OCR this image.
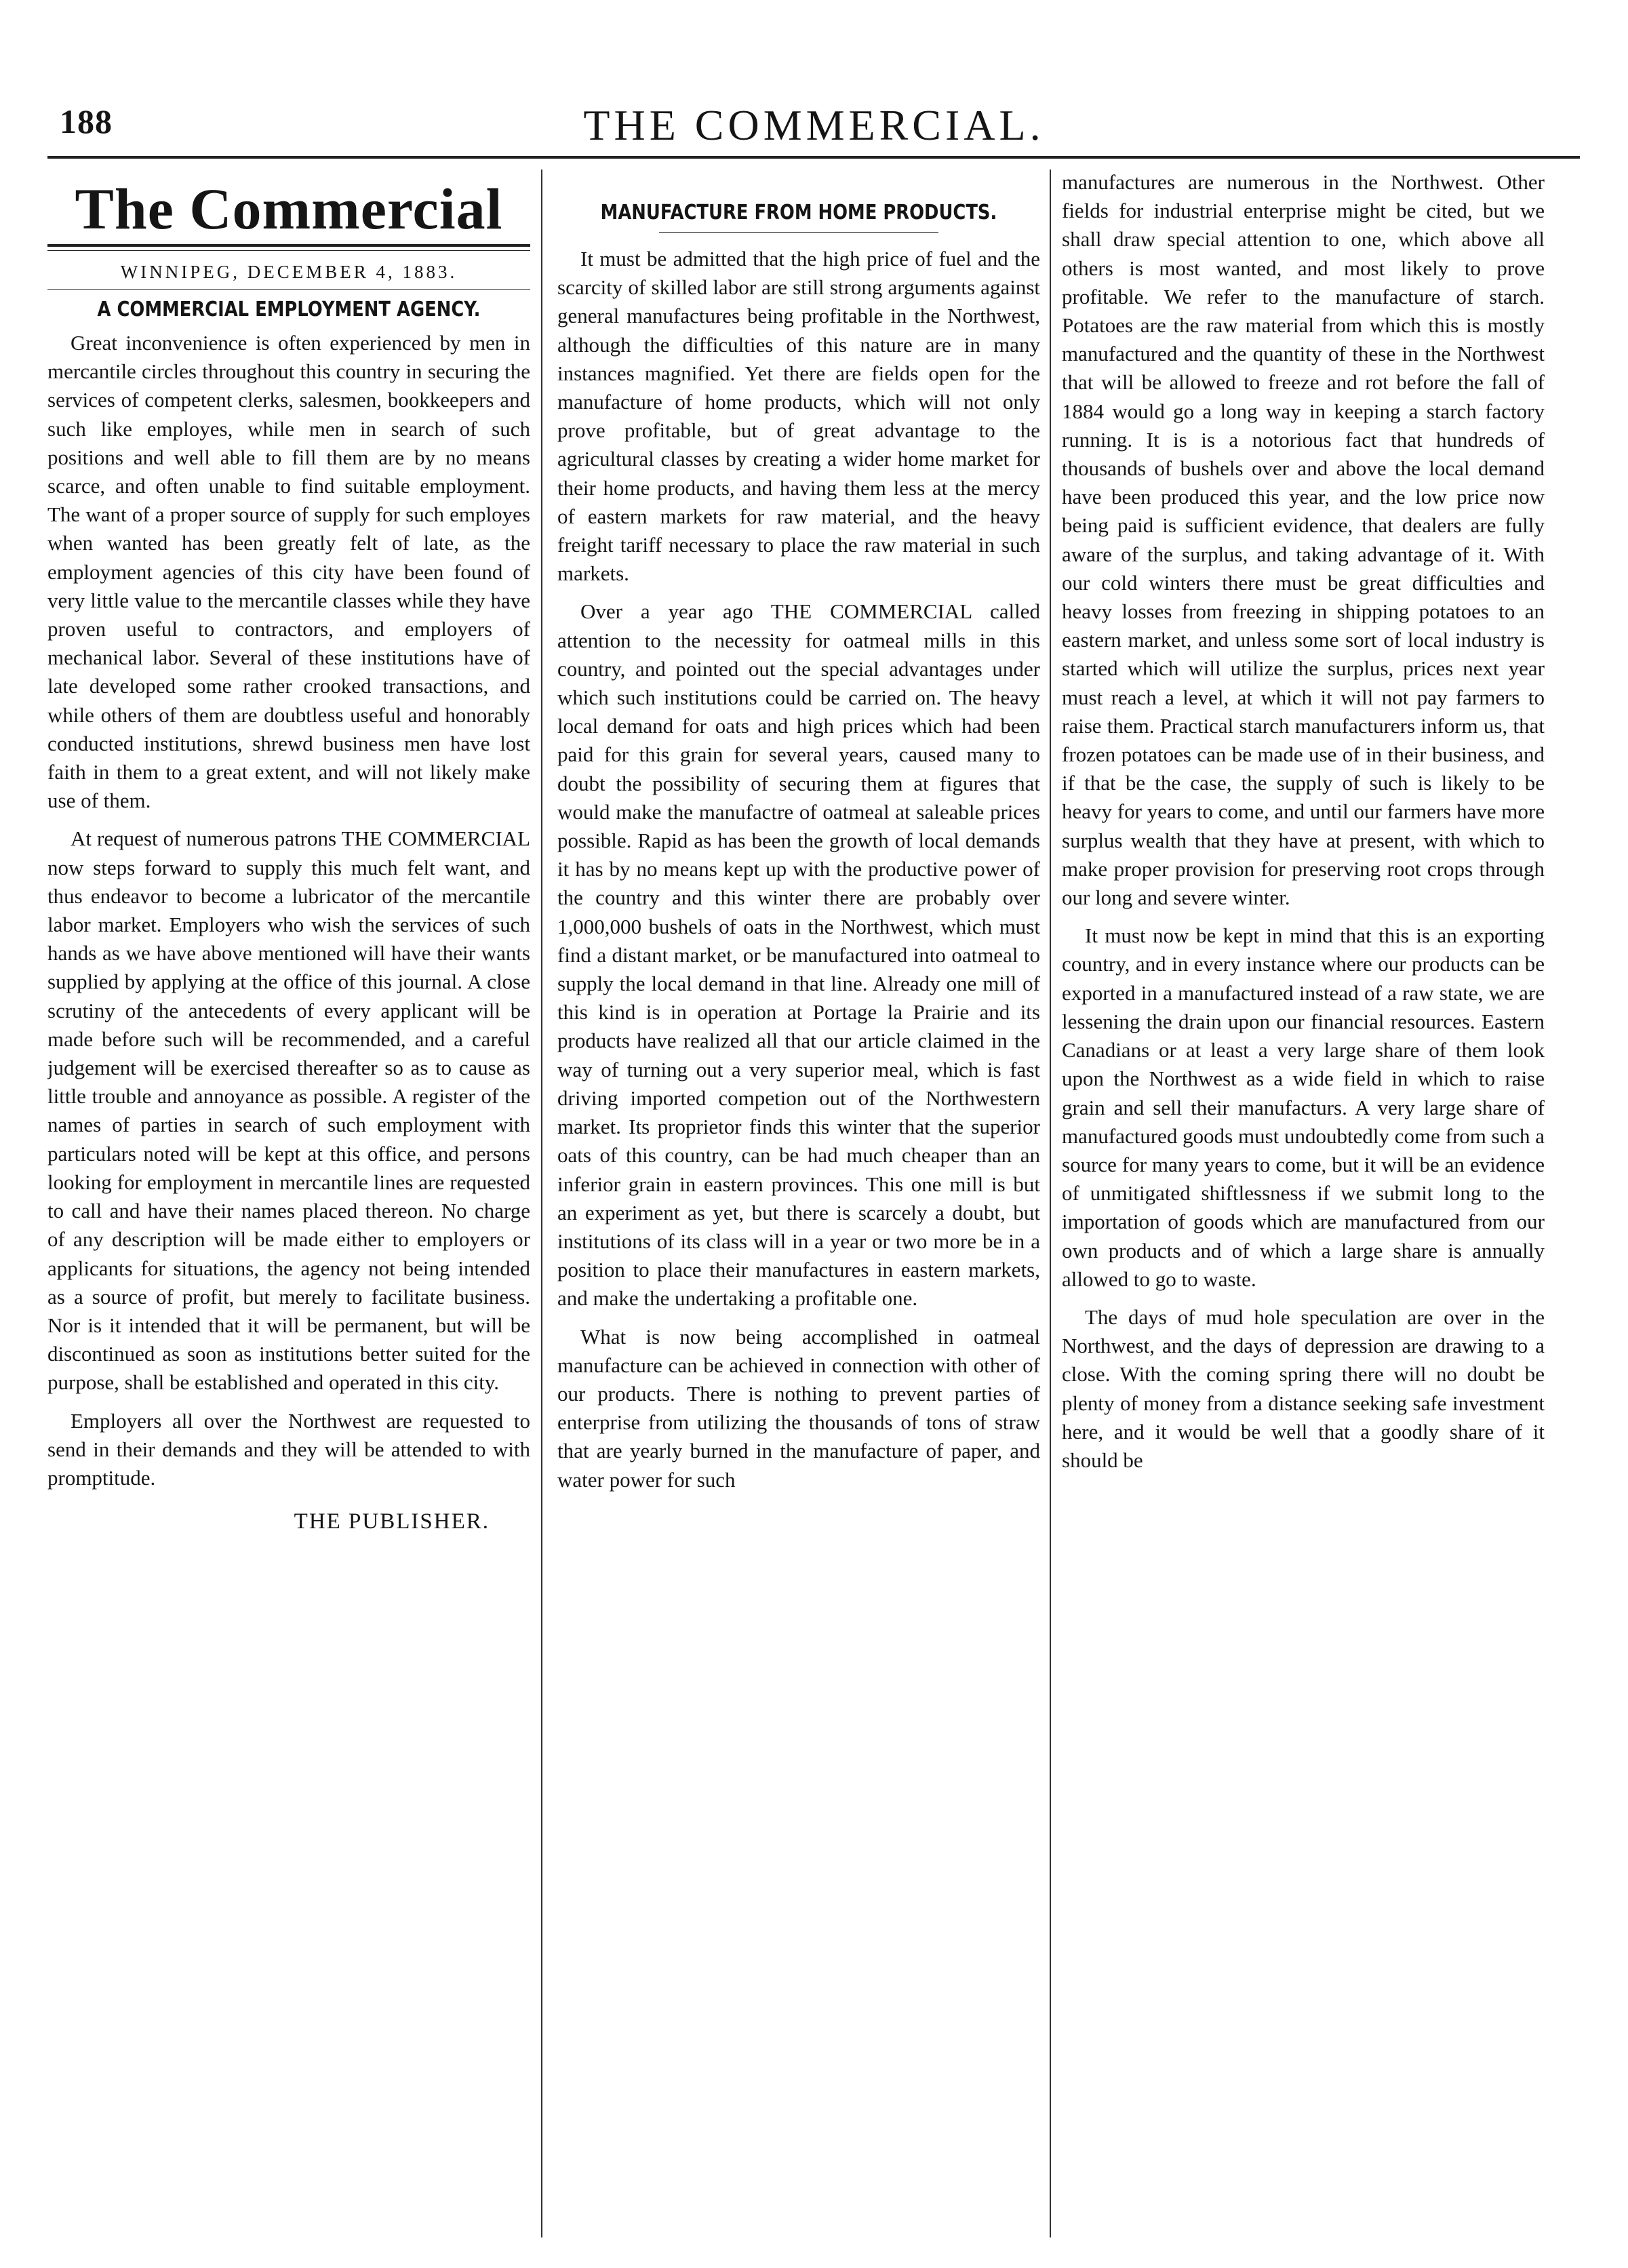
188	THE COMMERCIAL.
The Commercial
WINNIPEG, DECEMBER 4, 1883.
A COMMERCIAL EMPLOYMENT AGENCY.

Great inconvenience is often experienced by men in mercantile circles throughout this country in securing the services of competent clerks, salesmen, bookkeepers and such like employes, while men in search of such positions and well able to fill them are by no means scarce, and often unable to find suitable employment. The want of a proper source of supply for such employes when wanted has been greatly felt of late, as the employment agencies of this city have been found of very little value to the mercantile classes while they have proven useful to contractors, and employers of mechanical labor. Several of these institutions have of late developed some rather crooked transactions, and while others of them are doubtless useful and honorably conducted institutions, shrewd business men have lost faith in them to a great extent, and will not likely make use of them.

At request of numerous patrons THE COMMERCIAL now steps forward to supply this much felt want, and thus endeavor to become a lubricator of the mercantile labor market. Employers who wish the services of such hands as we have above mentioned will have their wants supplied by applying at the office of this journal. A close scrutiny of the antecedents of every applicant will be made before such will be recommended, and a careful judgement will be exercised thereafter so as to cause as little trouble and annoyance as possible. A register of the names of parties in search of such employment with particulars noted will be kept at this office, and persons looking for employment in mercantile lines are requested to call and have their names placed thereon. No charge of any description will be made either to employers or applicants for situations, the agency not being intended as a source of profit, but merely to facilitate business. Nor is it intended that it will be permanent, but will be discontinued as soon as institutions better suited for the purpose, shall be established and operated in this city.

Employers all over the Northwest are requested to send in their demands and they will be attended to with promptitude.

THE PUBLISHER.
MANUFACTURE FROM HOME PRODUCTS.

It must be admitted that the high price of fuel and the scarcity of skilled labor are still strong arguments against general manufactures being profitable in the Northwest, although the difficulties of this nature are in many instances magnified. Yet there are fields open for the manufacture of home products, which will not only prove profitable, but of great advantage to the agricultural classes by creating a wider home market for their home products, and having them less at the mercy of eastern markets for raw material, and the heavy freight tariff necessary to place the raw material in such markets.

Over a year ago THE COMMERCIAL called attention to the necessity for oatmeal mills in this country, and pointed out the special advantages under which such institutions could be carried on. The heavy local demand for oats and high prices which had been paid for this grain for several years, caused many to doubt the possibility of securing them at figures that would make the manufactre of oatmeal at saleable prices possible. Rapid as has been the growth of local demands it has by no means kept up with the productive power of the country and this winter there are probably over 1,000,000 bushels of oats in the Northwest, which must find a distant market, or be manufactured into oatmeal to supply the local demand in that line. Already one mill of this kind is in operation at Portage la Prairie and its products have realized all that our article claimed in the way of turning out a very superior meal, which is fast driving imported competion out of the Northwestern market. Its proprietor finds this winter that the superior oats of this country, can be had much cheaper than an inferior grain in eastern provinces. This one mill is but an experiment as yet, but there is scarcely a doubt, but institutions of its class will in a year or two more be in a position to place their manufactures in eastern markets, and make the undertaking a profitable one.

What is now being accomplished in oatmeal manufacture can be achieved in connection with other of our products. There is nothing to prevent parties of enterprise from utilizing the thousands of tons of straw that are yearly burned in the manufacture of paper, and water power for such

manufactures are numerous in the Northwest. Other fields for industrial enterprise might be cited, but we shall draw special attention to one, which above all others is most wanted, and most likely to prove profitable. We refer to the manufacture of starch. Potatoes are the raw material from which this is mostly manufactured and the quantity of these in the Northwest that will be allowed to freeze and rot before the fall of 1884 would go a long way in keeping a starch factory running. It is is a notorious fact that hundreds of thousands of bushels over and above the local demand have been produced this year, and the low price now being paid is sufficient evidence, that dealers are fully aware of the surplus, and taking advantage of it. With our cold winters there must be great difficulties and heavy losses from freezing in shipping potatoes to an eastern market, and unless some sort of local industry is started which will utilize the surplus, prices next year must reach a level, at which it will not pay farmers to raise them. Practical starch manufacturers inform us, that frozen potatoes can be made use of in their business, and if that be the case, the supply of such is likely to be heavy for years to come, and until our farmers have more surplus wealth that they have at present, with which to make proper provision for preserving root crops through our long and severe winter.

It must now be kept in mind that this is an exporting country, and in every instance where our products can be exported in a manufactured instead of a raw state, we are lessening the drain upon our financial resources. Eastern Canadians or at least a very large share of them look upon the Northwest as a wide field in which to raise grain and sell their manufacturs. A very large share of manufactured goods must undoubtedly come from such a source for many years to come, but it will be an evidence of unmitigated shiftlessness if we submit long to the importation of goods which are manufactured from our own products and of which a large share is annually allowed to go to waste.

The days of mud hole speculation are over in the Northwest, and the days of depression are drawing to a close. With the coming spring there will no doubt be plenty of money from a distance seeking safe investment here, and it would be well that a goodly share of it should be
